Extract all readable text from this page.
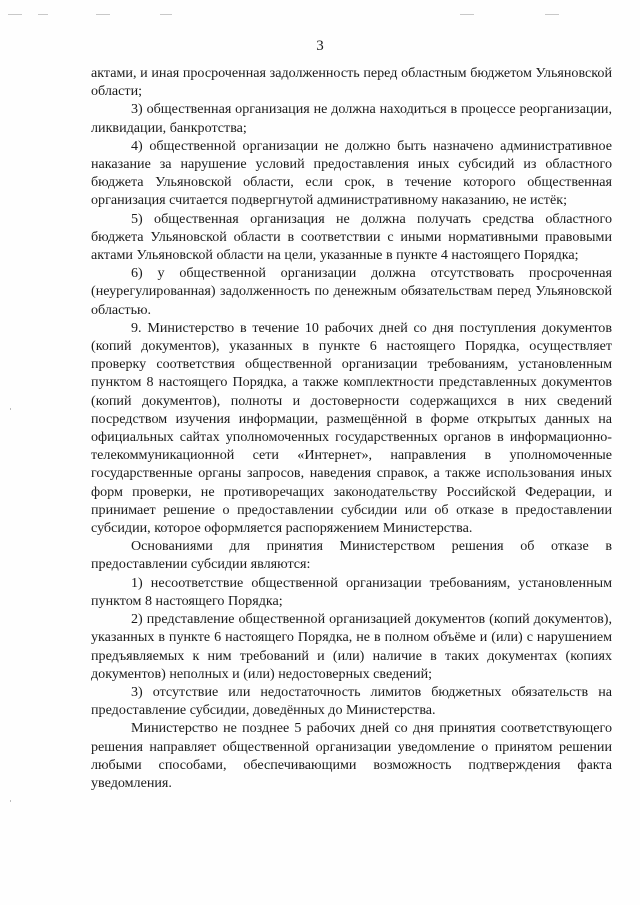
3

актами, и иная просроченная задолженность перед областным бюджетом Ульяновской области;

3) общественная организация не должна находиться в процессе реорганизации, ликвидации, банкротства;

4) общественной организации не должно быть назначено административное наказание за нарушение условий предоставления иных субсидий из областного бюджета Ульяновской области, если срок, в течение которого общественная организация считается подвергнутой административному наказанию, не истёк;

5) общественная организация не должна получать средства областного бюджета Ульяновской области в соответствии с иными нормативными правовыми актами Ульяновской области на цели, указанные в пункте 4 настоящего Порядка;

6) у общественной организации должна отсутствовать просроченная (неурегулированная) задолженность по денежным обязательствам перед Ульяновской областью.

9. Министерство в течение 10 рабочих дней со дня поступления документов (копий документов), указанных в пункте 6 настоящего Порядка, осуществляет проверку соответствия общественной организации требованиям, установленным пунктом 8 настоящего Порядка, а также комплектности представленных документов (копий документов), полноты и достоверности содержащихся в них сведений посредством изучения информации, размещённой в форме открытых данных на официальных сайтах уполномоченных государственных органов в информационно-телекоммуникационной сети «Интернет», направления в уполномоченные государственные органы запросов, наведения справок, а также использования иных форм проверки, не противоречащих законодательству Российской Федерации, и принимает решение о предоставлении субсидии или об отказе в предоставлении субсидии, которое оформляется распоряжением Министерства.

Основаниями для принятия Министерством решения об отказе в предоставлении субсидии являются:

1) несоответствие общественной организации требованиям, установленным пунктом 8 настоящего Порядка;

2) представление общественной организацией документов (копий документов), указанных в пункте 6 настоящего Порядка, не в полном объёме и (или) с нарушением предъявляемых к ним требований и (или) наличие в таких документах (копиях документов) неполных и (или) недостоверных сведений;

3) отсутствие или недостаточность лимитов бюджетных обязательств на предоставление субсидии, доведённых до Министерства.

Министерство не позднее 5 рабочих дней со дня принятия соответствующего решения направляет общественной организации уведомление о принятом решении любыми способами, обеспечивающими возможность подтверждения факта уведомления.
